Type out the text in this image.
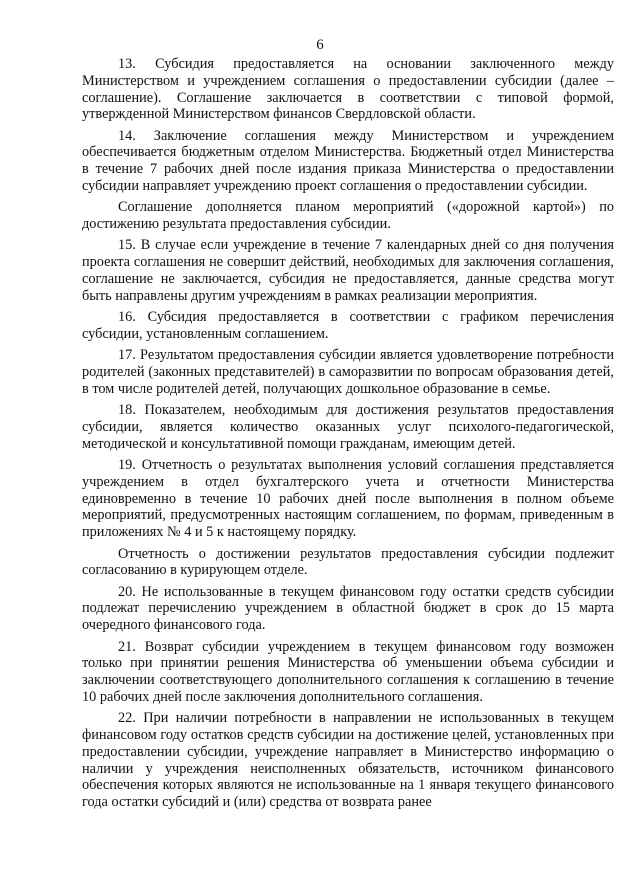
6

13. Субсидия предоставляется на основании заключенного между Министерством и учреждением соглашения о предоставлении субсидии (далее – соглашение). Соглашение заключается в соответствии с типовой формой, утвержденной Министерством финансов Свердловской области.

14. Заключение соглашения между Министерством и учреждением обеспечивается бюджетным отделом Министерства. Бюджетный отдел Министерства в течение 7 рабочих дней после издания приказа Министерства о предоставлении субсидии направляет учреждению проект соглашения о предоставлении субсидии.

Соглашение дополняется планом мероприятий («дорожной картой») по достижению результата предоставления субсидии.

15. В случае если учреждение в течение 7 календарных дней со дня получения проекта соглашения не совершит действий, необходимых для заключения соглашения, соглашение не заключается, субсидия не предоставляется, данные средства могут быть направлены другим учреждениям в рамках реализации мероприятия.

16. Субсидия предоставляется в соответствии с графиком перечисления субсидии, установленным соглашением.

17. Результатом предоставления субсидии является удовлетворение потребности родителей (законных представителей) в саморазвитии по вопросам образования детей, в том числе родителей детей, получающих дошкольное образование в семье.

18. Показателем, необходимым для достижения результатов предоставления субсидии, является количество оказанных услуг психолого-педагогической, методической и консультативной помощи гражданам, имеющим детей.

19. Отчетность о результатах выполнения условий соглашения представляется учреждением в отдел бухгалтерского учета и отчетности Министерства единовременно в течение 10 рабочих дней после выполнения в полном объеме мероприятий, предусмотренных настоящим соглашением, по формам, приведенным в приложениях № 4 и 5 к настоящему порядку.

Отчетность о достижении результатов предоставления субсидии подлежит согласованию в курирующем отделе.

20. Не использованные в текущем финансовом году остатки средств субсидии подлежат перечислению учреждением в областной бюджет в срок до 15 марта очередного финансового года.

21. Возврат субсидии учреждением в текущем финансовом году возможен только при принятии решения Министерства об уменьшении объема субсидии и заключении соответствующего дополнительного соглашения к соглашению в течение 10 рабочих дней после заключения дополнительного соглашения.

22. При наличии потребности в направлении не использованных в текущем финансовом году остатков средств субсидии на достижение целей, установленных при предоставлении субсидии, учреждение направляет в Министерство информацию о наличии у учреждения неисполненных обязательств, источником финансового обеспечения которых являются не использованные на 1 января текущего финансового года остатки субсидий и (или) средства от возврата ранее
